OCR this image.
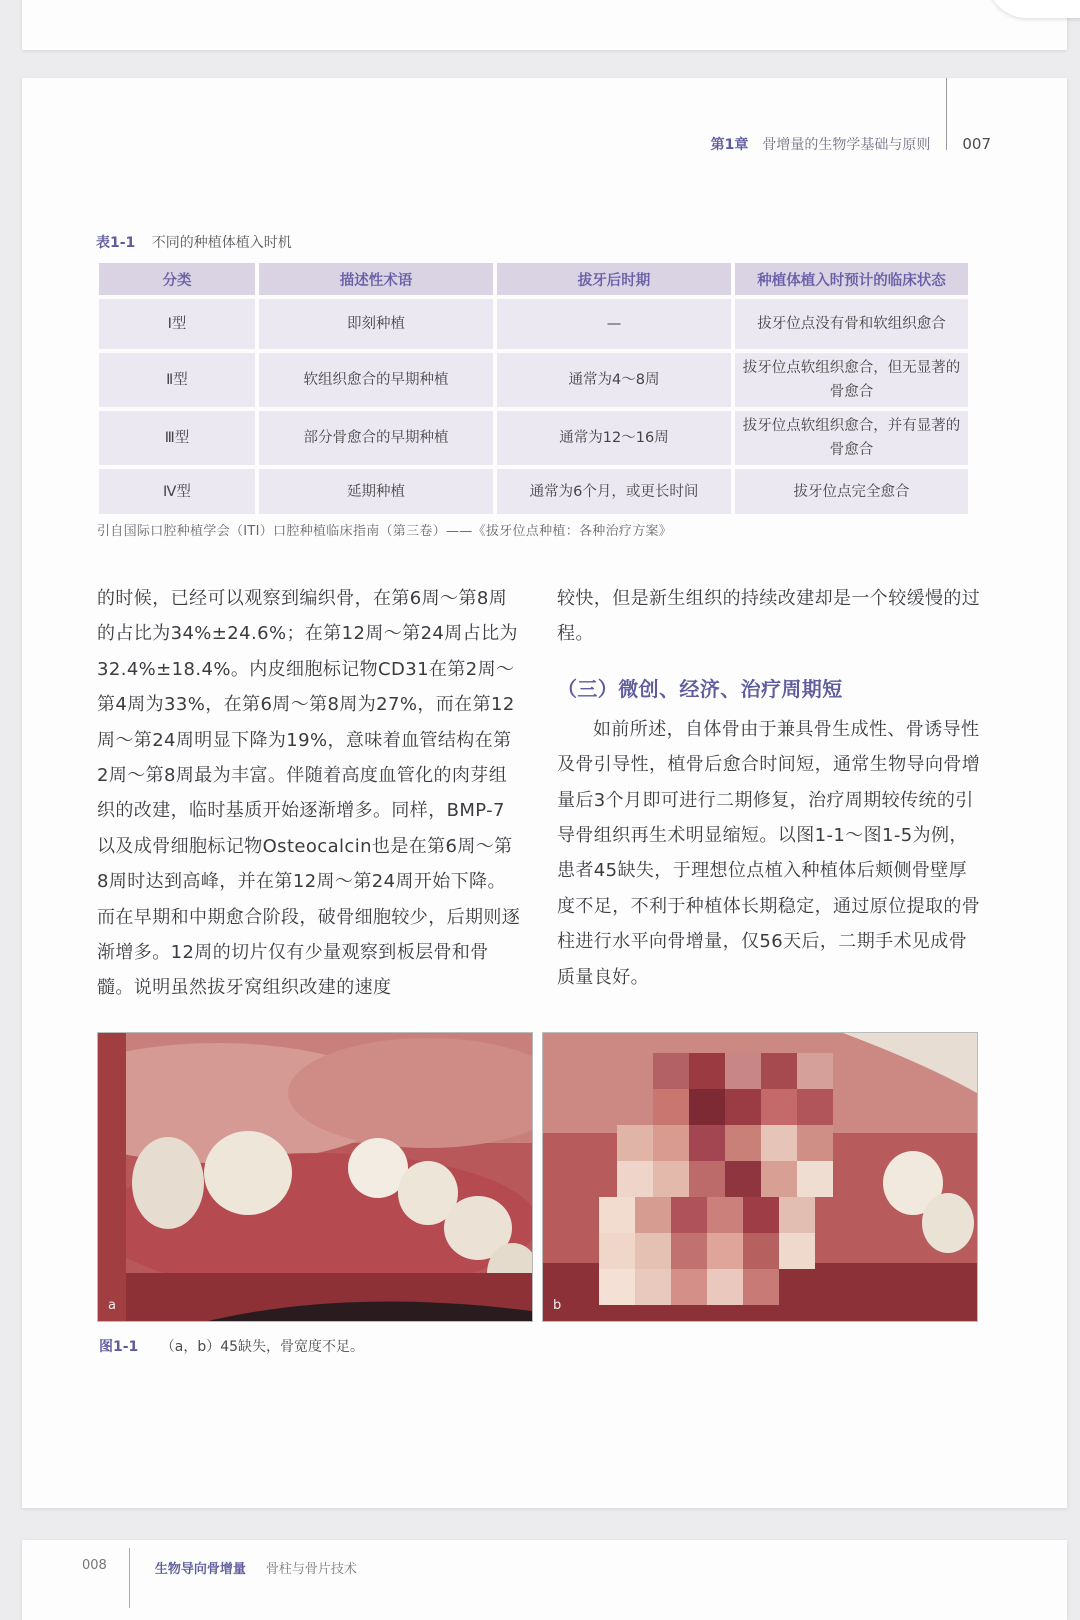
第1章 骨增量的生物学基础与原则 007
表1-1 不同的种植体植入时机
分类	描述性术语	拔牙后时期	种植体植入时预计的临床状态
Ⅰ型	即刻种植	—	拔牙位点没有骨和软组织愈合
Ⅱ型	软组织愈合的早期种植	通常为4～8周	拔牙位点软组织愈合，但无显著的骨愈合
Ⅲ型	部分骨愈合的早期种植	通常为12～16周	拔牙位点软组织愈合，并有显著的骨愈合
Ⅳ型	延期种植	通常为6个月，或更长时间	拔牙位点完全愈合
引自国际口腔种植学会（ITI）口腔种植临床指南（第三卷）——《拔牙位点种植：各种治疗方案》

的时候，已经可以观察到编织骨，在第6周～第8周的占比为34%±24.6%；在第12周～第24周占比为32.4%±18.4%。内皮细胞标记物CD31在第2周～第4周为33%，在第6周～第8周为27%，而在第12周～第24周明显下降为19%，意味着血管结构在第2周～第8周最为丰富。伴随着高度血管化的肉芽组织的改建，临时基质开始逐渐增多。同样，BMP-7以及成骨细胞标记物Osteocalcin也是在第6周～第8周时达到高峰，并在第12周～第24周开始下降。而在早期和中期愈合阶段，破骨细胞较少，后期则逐渐增多。12周的切片仅有少量观察到板层骨和骨髓。说明虽然拔牙窝组织改建的速度

较快，但是新生组织的持续改建却是一个较缓慢的过程。

（三）微创、经济、治疗周期短

如前所述，自体骨由于兼具骨生成性、骨诱导性及骨引导性，植骨后愈合时间短，通常生物导向骨增量后3个月即可进行二期修复，治疗周期较传统的引导骨组织再生术明显缩短。以图1-1～图1-5为例，患者45缺失，于理想位点植入种植体后颊侧骨壁厚度不足，不利于种植体长期稳定，通过原位提取的骨柱进行水平向骨增量，仅56天后，二期手术见成骨质量良好。

a	b
图1-1 （a，b）45缺失，骨宽度不足。
008	生物导向骨增量 骨柱与骨片技术
